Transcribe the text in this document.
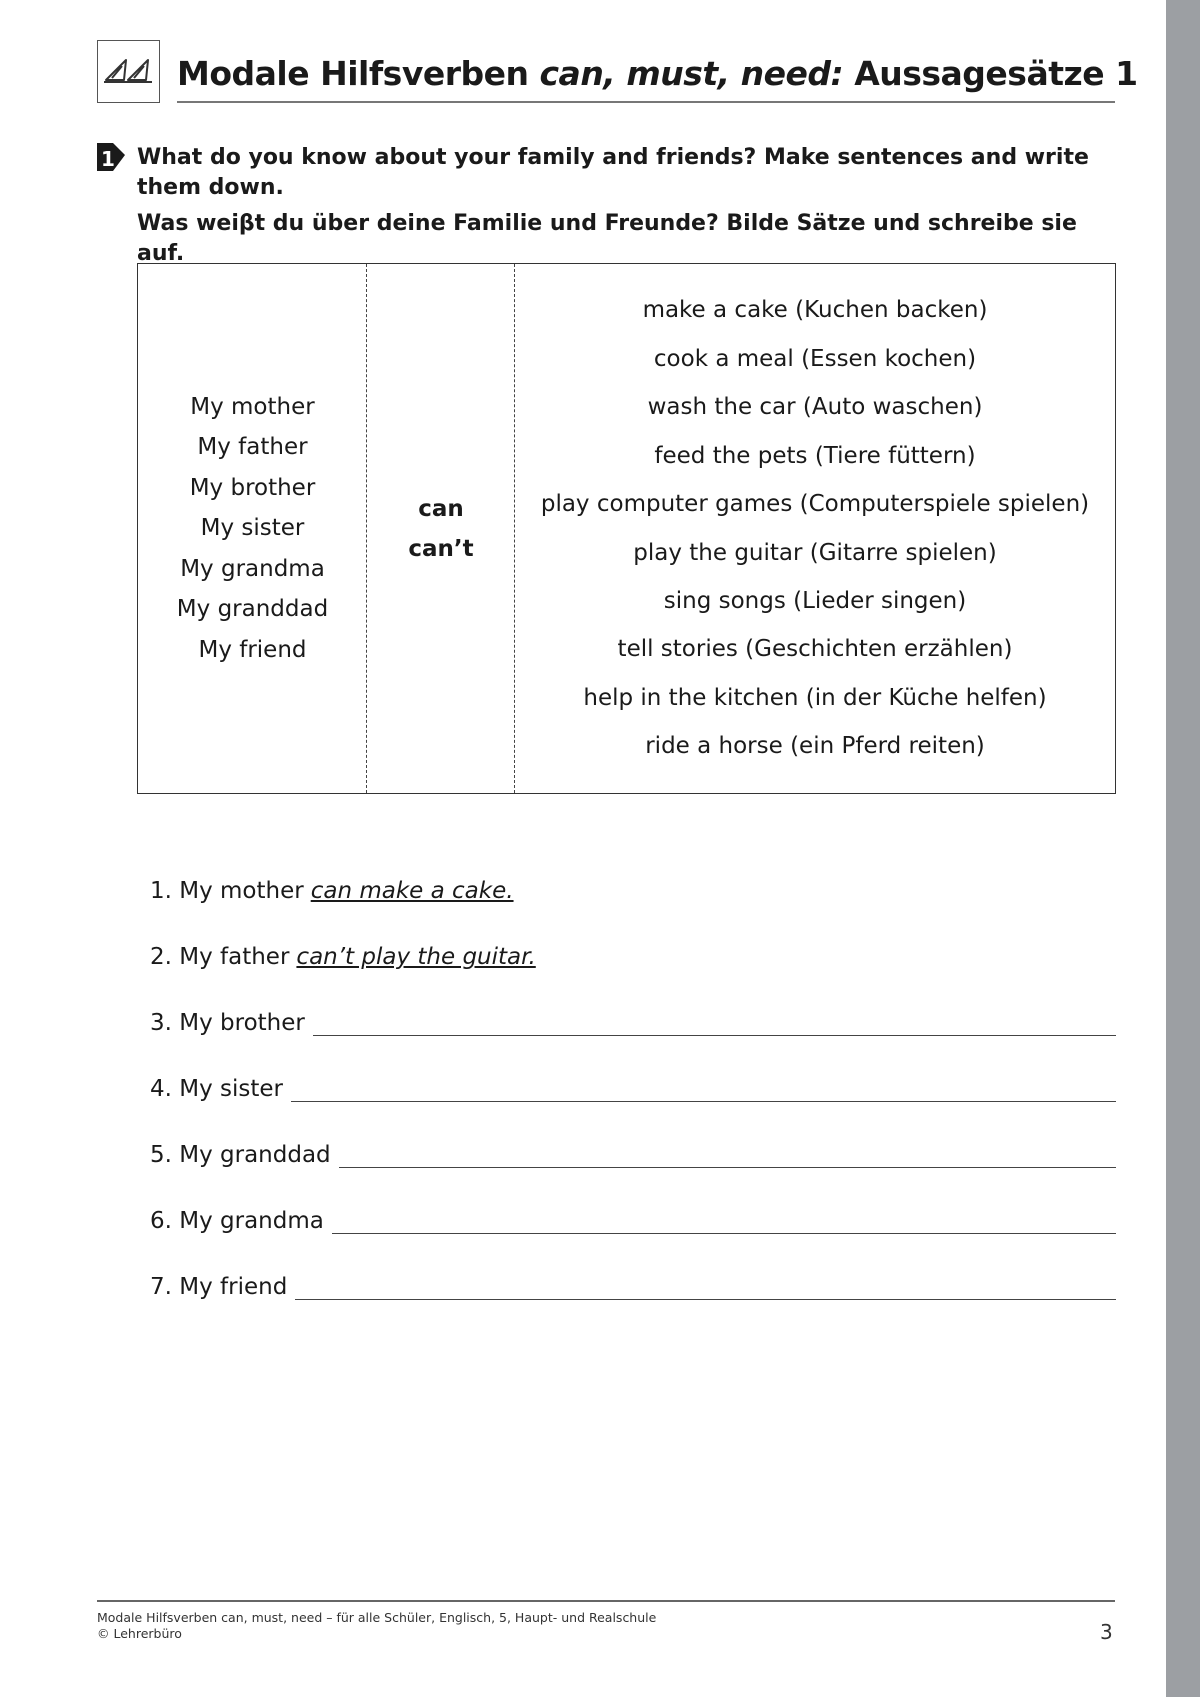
Modale Hilfsverben can, must, need: Aussagesätze 1
1 What do you know about your family and friends? Make sentences and write them down.

Was weiβt du über deine Familie und Freunde? Bilde Sätze und schreibe sie auf.

My mother
My father
My brother
My sister
My grandma
My granddad
My friend
can
can’t
make a cake (Kuchen backen)
cook a meal (Essen kochen)
wash the car (Auto waschen)
feed the pets (Tiere füttern)
play computer games (Computerspiele spielen)
play the guitar (Gitarre spielen)
sing songs (Lieder singen)
tell stories (Geschichten erzählen)
help in the kitchen (in der Küche helfen)
ride a horse (ein Pferd reiten)
1. My mother can make a cake.
2. My father can’t play the guitar.
3. My brother
4. My sister
5. My granddad
6. My grandma
7. My friend
Modale Hilfsverben can, must, need – für alle Schüler, Englisch, 5, Haupt- und Realschule
© Lehrerbüro	3
